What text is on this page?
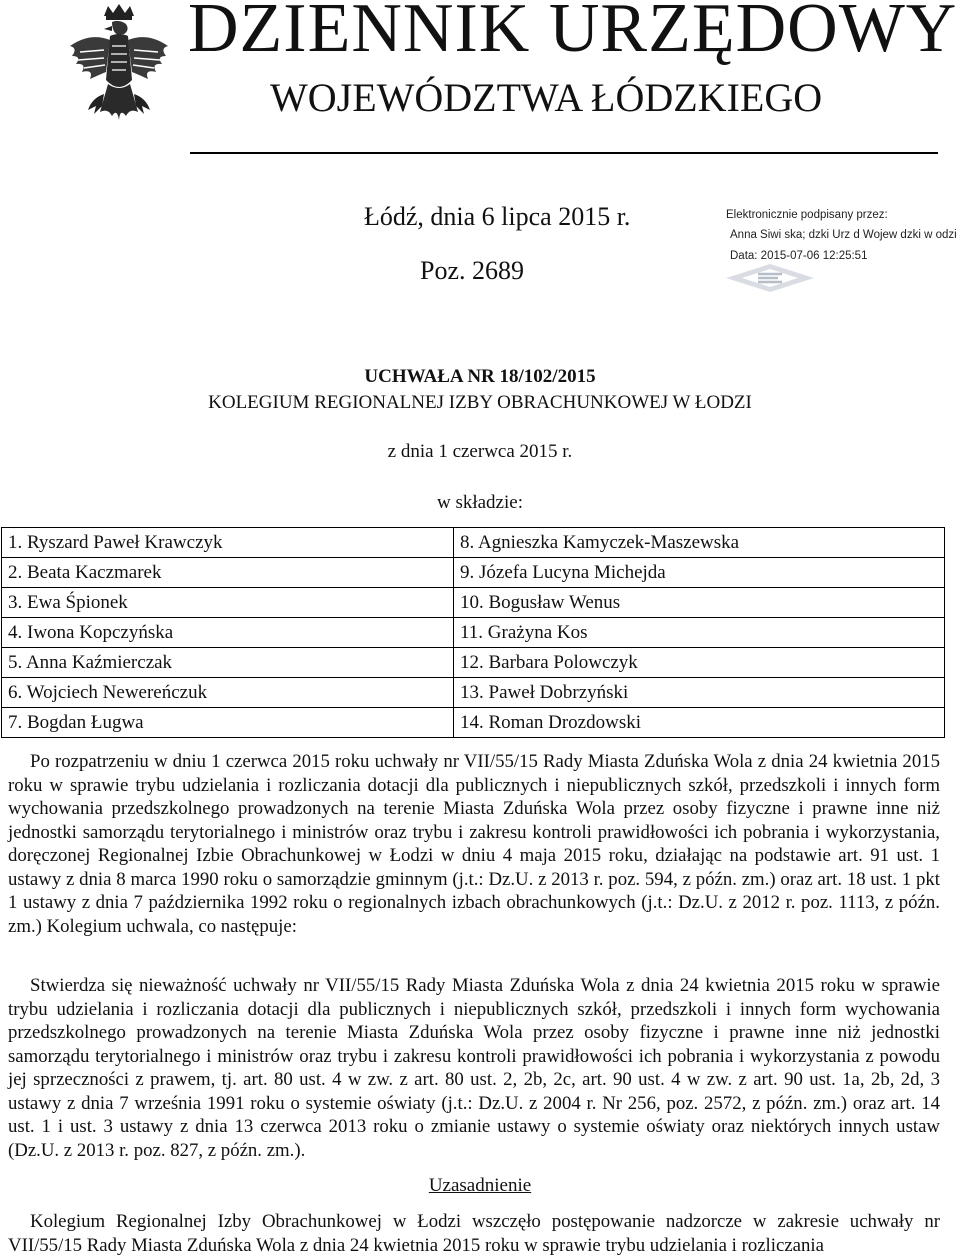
DZIENNIK URZĘDOWY
WOJEWÓDZTWA ŁÓDZKIEGO
Łódź, dnia 6 lipca 2015 r.
Poz. 2689
Elektronicznie podpisany przez:
Anna Siwi ska; dzki Urz d Wojew dzki w odzi
Data: 2015-07-06 12:25:51
UCHWAŁA NR 18/102/2015
KOLEGIUM REGIONALNEJ IZBY OBRACHUNKOWEJ W ŁODZI
z dnia 1 czerwca 2015 r.
w składzie:
1. Ryszard Paweł Krawczyk	8. Agnieszka Kamyczek-Maszewska
2. Beata Kaczmarek	9. Józefa Lucyna Michejda
3. Ewa Śpionek	10. Bogusław Wenus
4. Iwona Kopczyńska	11. Grażyna Kos
5. Anna Kaźmierczak	12. Barbara Polowczyk
6. Wojciech Newereńczuk	13. Paweł Dobrzyński
7. Bogdan Ługwa	14. Roman Drozdowski

Po rozpatrzeniu w dniu 1 czerwca 2015 roku uchwały nr VII/55/15 Rady Miasta Zduńska Wola z dnia 24 kwietnia 2015 roku w sprawie trybu udzielania i rozliczania dotacji dla publicznych i niepublicznych szkół, przedszkoli i innych form wychowania przedszkolnego prowadzonych na terenie Miasta Zduńska Wola przez osoby fizyczne i prawne inne niż jednostki samorządu terytorialnego i ministrów oraz trybu i zakresu kontroli prawidłowości ich pobrania i wykorzystania, doręczonej Regionalnej Izbie Obrachunkowej w Łodzi w dniu 4 maja 2015 roku, działając na podstawie art. 91 ust. 1 ustawy z dnia 8 marca 1990 roku o samorządzie gminnym (j.t.: Dz.U. z 2013 r. poz. 594, z późn. zm.) oraz art. 18 ust. 1 pkt 1 ustawy z dnia 7 października 1992 roku o regionalnych izbach obrachunkowych (j.t.: Dz.U. z 2012 r. poz. 1113, z późn. zm.) Kolegium uchwala, co następuje:

Stwierdza się nieważność uchwały nr VII/55/15 Rady Miasta Zduńska Wola z dnia 24 kwietnia 2015 roku w sprawie trybu udzielania i rozliczania dotacji dla publicznych i niepublicznych szkół, przedszkoli i innych form wychowania przedszkolnego prowadzonych na terenie Miasta Zduńska Wola przez osoby fizyczne i prawne inne niż jednostki samorządu terytorialnego i ministrów oraz trybu i zakresu kontroli prawidłowości ich pobrania i wykorzystania z powodu jej sprzeczności z prawem, tj. art. 80 ust. 4 w zw. z art. 80 ust. 2, 2b, 2c, art. 90 ust. 4 w zw. z art. 90 ust. 1a, 2b, 2d, 3 ustawy z dnia 7 września 1991 roku o systemie oświaty (j.t.: Dz.U. z 2004 r. Nr 256, poz. 2572, z późn. zm.) oraz art. 14 ust. 1 i ust. 3 ustawy z dnia 13 czerwca 2013 roku o zmianie ustawy o systemie oświaty oraz niektórych innych ustaw (Dz.U. z 2013 r. poz. 827, z późn. zm.).

Uzasadnienie

Kolegium Regionalnej Izby Obrachunkowej w Łodzi wszczęło postępowanie nadzorcze w zakresie uchwały nr VII/55/15 Rady Miasta Zduńska Wola z dnia 24 kwietnia 2015 roku w sprawie trybu udzielania i rozliczania
